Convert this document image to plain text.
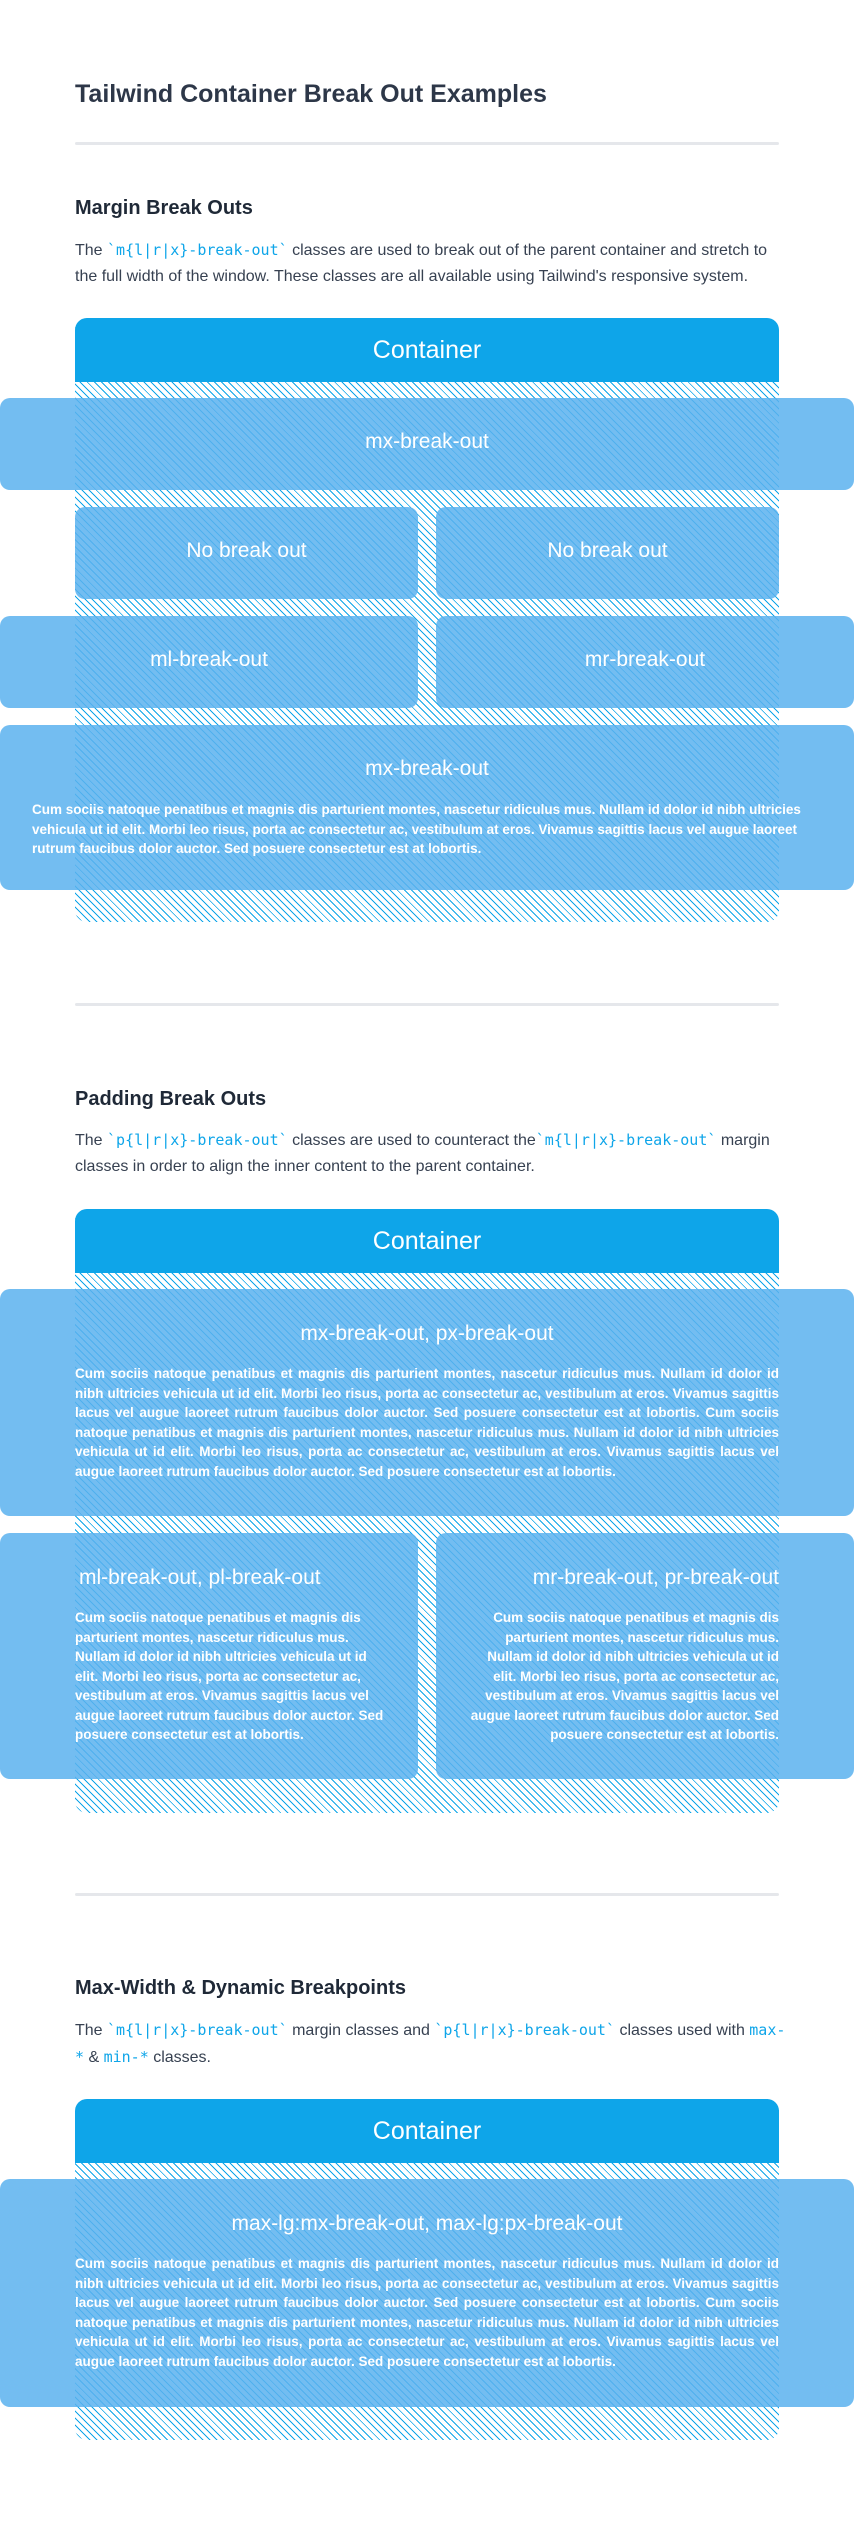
Tailwind Container Break Out Examples
Margin Break Outs

The `m{l|r|x}-break-out` classes are used to break out of the parent container and stretch to the full width of the window. These classes are all available using Tailwind's responsive system.

Container
mx-break-out
No break out	No break out
ml-break-out	mr-break-out
mx-break-out

Cum sociis natoque penatibus et magnis dis parturient montes, nascetur ridiculus mus. Nullam id dolor id nibh ultricies vehicula ut id elit. Morbi leo risus, porta ac consectetur ac, vestibulum at eros. Vivamus sagittis lacus vel augue laoreet rutrum faucibus dolor auctor. Sed posuere consectetur est at lobortis.

Padding Break Outs

The `p{l|r|x}-break-out` classes are used to counteract the`m{l|r|x}-break-out` margin classes in order to align the inner content to the parent container.

Container
mx-break-out, px-break-out

Cum sociis natoque penatibus et magnis dis parturient montes, nascetur ridiculus mus. Nullam id dolor id nibh ultricies vehicula ut id elit. Morbi leo risus, porta ac consectetur ac, vestibulum at eros. Vivamus sagittis lacus vel augue laoreet rutrum faucibus dolor auctor. Sed posuere consectetur est at lobortis. Cum sociis natoque penatibus et magnis dis parturient montes, nascetur ridiculus mus. Nullam id dolor id nibh ultricies vehicula ut id elit. Morbi leo risus, porta ac consectetur ac, vestibulum at eros. Vivamus sagittis lacus vel augue laoreet rutrum faucibus dolor auctor. Sed posuere consectetur est at lobortis.

ml-break-out, pl-break-out

Cum sociis natoque penatibus et magnis dis parturient montes, nascetur ridiculus mus. Nullam id dolor id nibh ultricies vehicula ut id elit. Morbi leo risus, porta ac consectetur ac, vestibulum at eros. Vivamus sagittis lacus vel augue laoreet rutrum faucibus dolor auctor. Sed posuere consectetur est at lobortis.

mr-break-out, pr-break-out

Cum sociis natoque penatibus et magnis dis parturient montes, nascetur ridiculus mus. Nullam id dolor id nibh ultricies vehicula ut id elit. Morbi leo risus, porta ac consectetur ac, vestibulum at eros. Vivamus sagittis lacus vel augue laoreet rutrum faucibus dolor auctor. Sed posuere consectetur est at lobortis.

Max-Width & Dynamic Breakpoints

The `m{l|r|x}-break-out` margin classes and `p{l|r|x}-break-out` classes used with max-* & min-* classes.

Container
max-lg:mx-break-out, max-lg:px-break-out

Cum sociis natoque penatibus et magnis dis parturient montes, nascetur ridiculus mus. Nullam id dolor id nibh ultricies vehicula ut id elit. Morbi leo risus, porta ac consectetur ac, vestibulum at eros. Vivamus sagittis lacus vel augue laoreet rutrum faucibus dolor auctor. Sed posuere consectetur est at lobortis. Cum sociis natoque penatibus et magnis dis parturient montes, nascetur ridiculus mus. Nullam id dolor id nibh ultricies vehicula ut id elit. Morbi leo risus, porta ac consectetur ac, vestibulum at eros. Vivamus sagittis lacus vel augue laoreet rutrum faucibus dolor auctor. Sed posuere consectetur est at lobortis.
